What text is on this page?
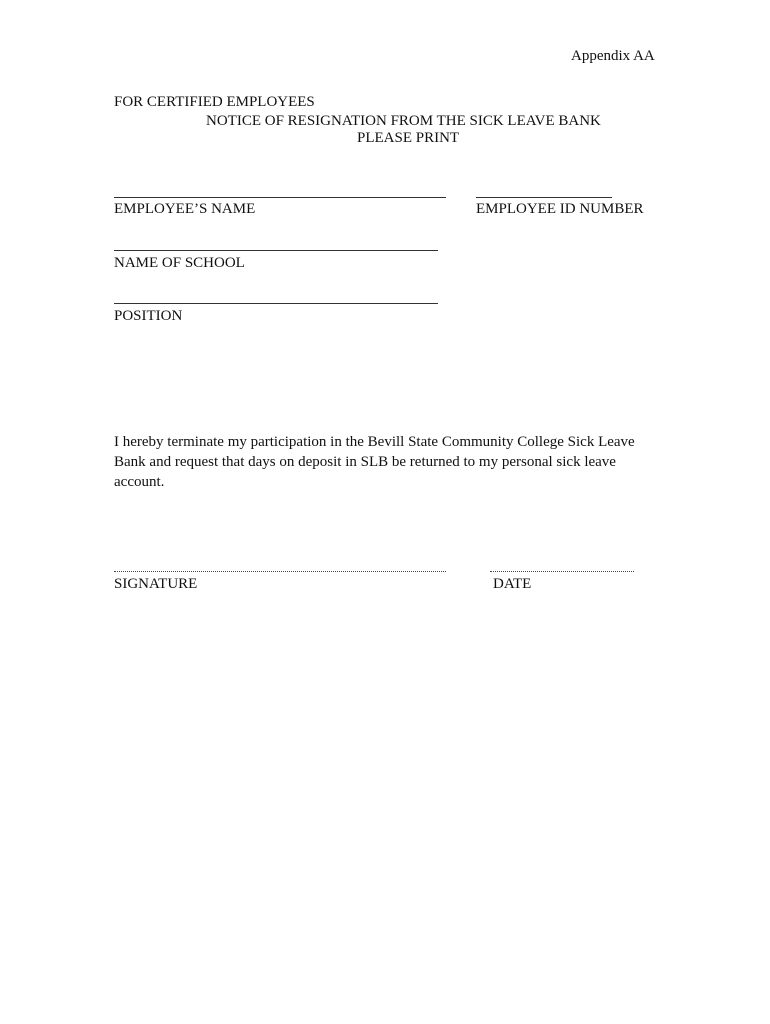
Appendix AA
FOR CERTIFIED EMPLOYEES
NOTICE OF RESIGNATION FROM THE SICK LEAVE BANK
PLEASE PRINT
EMPLOYEE’S NAME	EMPLOYEE ID NUMBER
NAME OF SCHOOL
POSITION
I hereby terminate my participation in the Bevill State Community College Sick Leave Bank and request that days on deposit in SLB be returned to my personal sick leave account.
SIGNATURE	DATE
